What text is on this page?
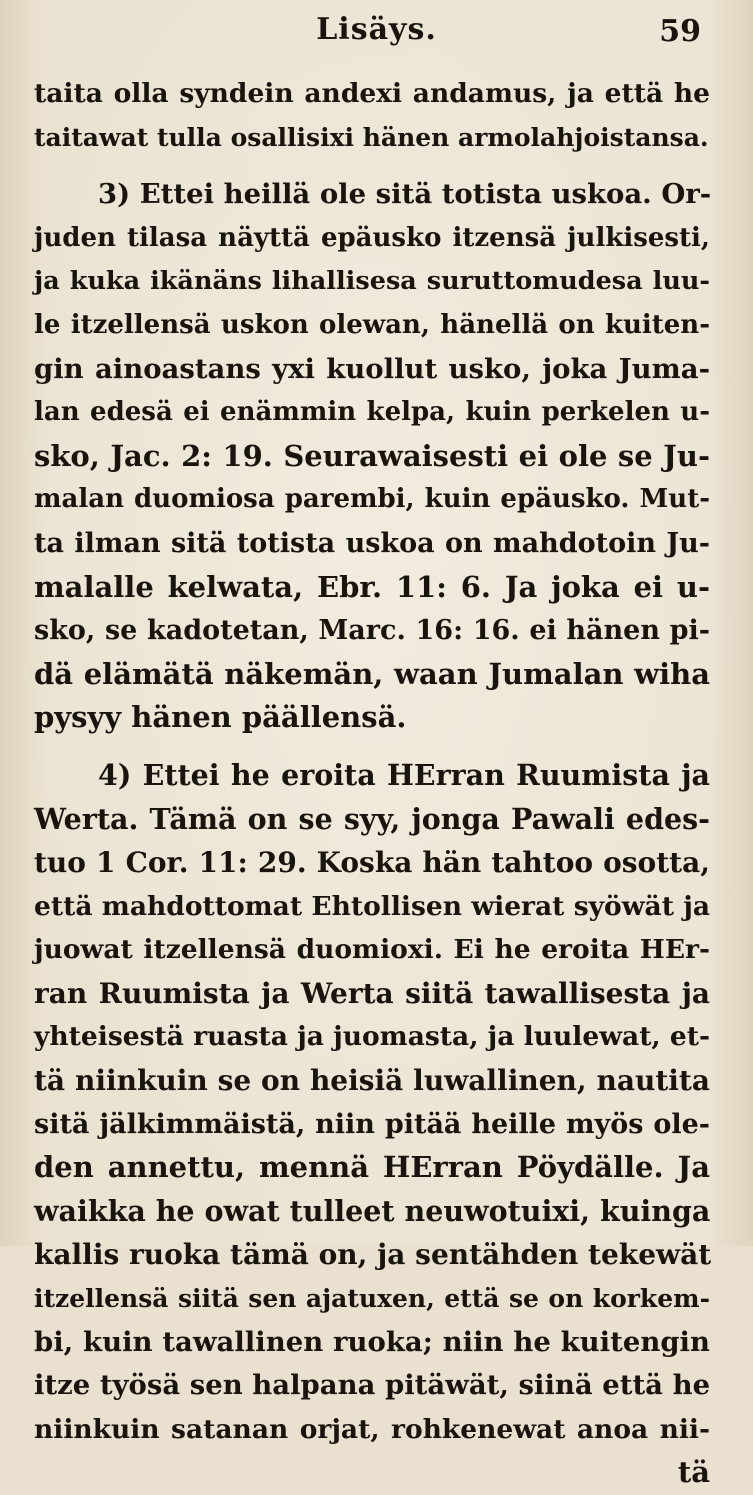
Lisäys.	59
taita olla syndein andexi andamus, ja että he
taitawat tulla osallisixi hänen armolahjoistansa.
3) Ettei heillä ole sitä totista uskoa. Or-
juden tilasa näyttä epäusko itzensä julkisesti,
ja kuka ikänäns lihallisesa suruttomudesa luu-
le itzellensä uskon olewan, hänellä on kuiten-
gin ainoastans yxi kuollut usko, joka Juma-
lan edesä ei enämmin kelpa, kuin perkelen u-
sko, Jac. 2: 19. Seurawaisesti ei ole se Ju-
malan duomiosa parembi, kuin epäusko. Mut-
ta ilman sitä totista uskoa on mahdotoin Ju-
malalle kelwata, Ebr. 11: 6. Ja joka ei u-
sko, se kadotetan, Marc. 16: 16. ei hänen pi-
dä elämätä näkemän, waan Jumalan wiha
pysyy hänen päällensä.
4) Ettei he eroita HErran Ruumista ja
Werta. Tämä on se syy, jonga Pawali edes-
tuo 1 Cor. 11: 29. Koska hän tahtoo osotta,
että mahdottomat Ehtollisen wierat syöwät ja
juowat itzellensä duomioxi. Ei he eroita HEr-
ran Ruumista ja Werta siitä tawallisesta ja
yhteisestä ruasta ja juomasta, ja luulewat, et-
tä niinkuin se on heisiä luwallinen, nautita
sitä jälkimmäistä, niin pitää heille myös ole-
den annettu, mennä HErran Pöydälle. Ja
waikka he owat tulleet neuwotuixi, kuinga
kallis ruoka tämä on, ja sentähden tekewät
itzellensä siitä sen ajatuxen, että se on korkem-
bi, kuin tawallinen ruoka; niin he kuitengin
itze työsä sen halpana pitäwät, siinä että he
niinkuin satanan orjat, rohkenewat anoa nii-
tä
